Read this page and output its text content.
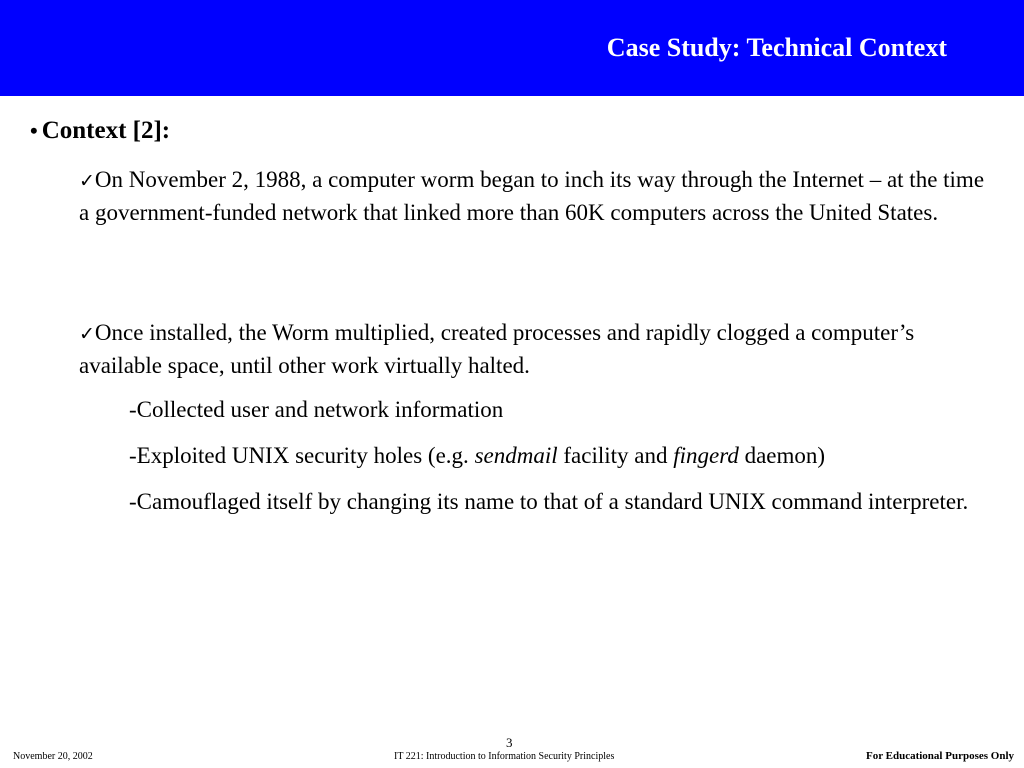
Case Study: Technical Context
• Context [2]:
✓On November 2, 1988, a computer worm began to inch its way through the Internet – at the time a government-funded network that linked more than 60K computers across the United States.
✓Once installed, the Worm multiplied, created processes and rapidly clogged a computer’s available space, until other work virtually halted.
-Collected user and network information
-Exploited UNIX security holes (e.g. sendmail facility and fingerd daemon)
-Camouflaged itself by changing its name to that of a standard UNIX command interpreter.
November 20, 2002
3
IT 221: Introduction to Information Security Principles	For Educational Purposes Only
